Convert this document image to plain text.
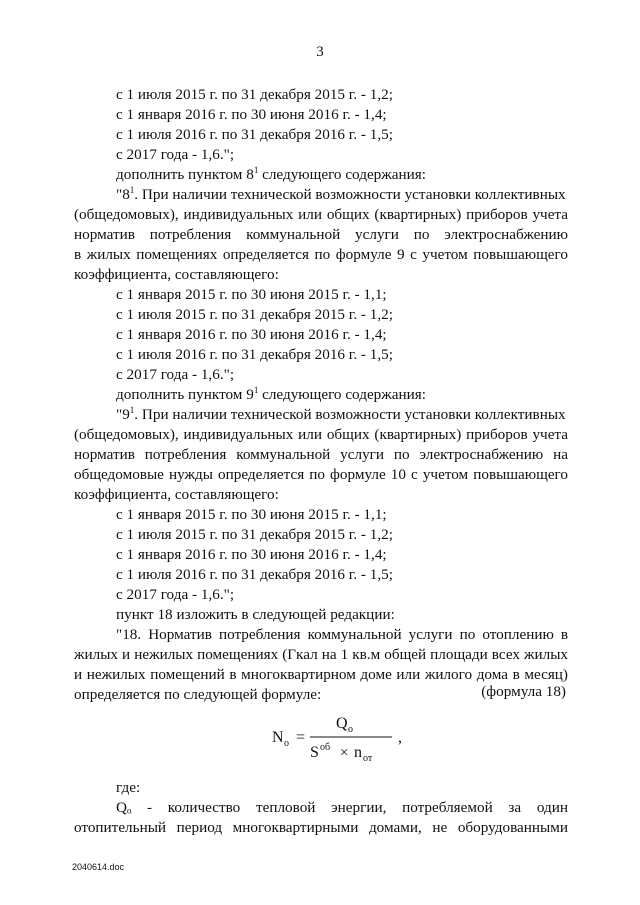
3
с 1 июля 2015 г. по 31 декабря 2015 г. - 1,2;
с 1 января 2016 г. по 30 июня 2016 г. - 1,4;
с 1 июля 2016 г. по 31 декабря 2016 г. - 1,5;
с 2017 года - 1,6.";
дополнить пунктом $8^1$ следующего содержания:
"$8^1$. При наличии технической возможности установки коллективных
(общедомовых), индивидуальных или общих (квартирных) приборов учета
норматив потребления коммунальной услуги по электроснабжению
в жилых помещениях определяется по формуле 9 с учетом повышающего
коэффициента, составляющего:
с 1 января 2015 г. по 30 июня 2015 г. - 1,1;
с 1 июля 2015 г. по 31 декабря 2015 г. - 1,2;
с 1 января 2016 г. по 30 июня 2016 г. - 1,4;
с 1 июля 2016 г. по 31 декабря 2016 г. - 1,5;
с 2017 года - 1,6.";
дополнить пунктом $9^1$ следующего содержания:
"$9^1$. При наличии технической возможности установки коллективных
(общедомовых), индивидуальных или общих (квартирных) приборов учета
норматив потребления коммунальной услуги по электроснабжению на
общедомовые нужды определяется по формуле 10 с учетом повышающего
коэффициента, составляющего:
с 1 января 2015 г. по 30 июня 2015 г. - 1,1;
с 1 июля 2015 г. по 31 декабря 2015 г. - 1,2;
с 1 января 2016 г. по 30 июня 2016 г. - 1,4;
с 1 июля 2016 г. по 31 декабря 2016 г. - 1,5;
с 2017 года - 1,6.";
пункт 18 изложить в следующей редакции:
"18. Норматив потребления коммунальной услуги по отоплению в
жилых и нежилых помещениях (Гкал на 1 кв.м общей площади всех жилых
и нежилых помещений в многоквартирном доме или жилого дома в месяц)
определяется по следующей формуле:	(формула 18)
N о =
Q о
S об × n от
,
где:
Qₒ - количество тепловой энергии, потребляемой за один
отопительный период многоквартирными домами, не оборудованными
2040614.doc
